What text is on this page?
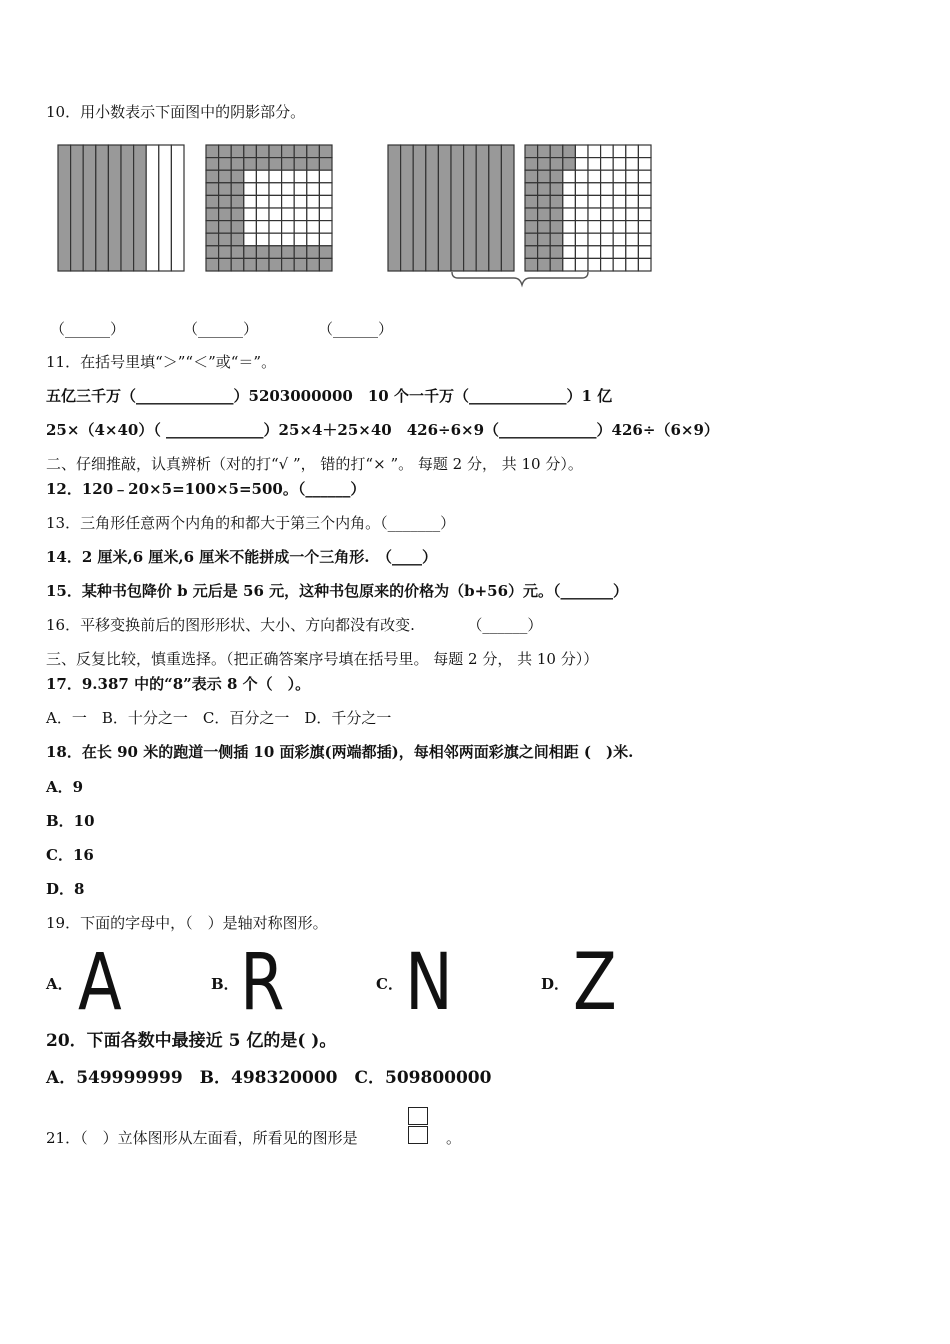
10．用小数表示下面图中的阴影部分。
（______）	（______）	（______）
11．在括号里填“＞”“＜”或“＝”。
五亿三千万（_____________）5203000000　10 个一千万（_____________）1 亿
25×（4×40）（ _____________）25×4＋25×40　426÷6×9（_____________）426÷（6×9）
二、仔细推敲，认真辨析（对的打“√ ”， 错的打“× ”。 每题 2 分， 共 10 分）。
12．120﹣20×5=100×5=500。（______）
13．三角形任意两个内角的和都大于第三个内角。（_______）
14．2 厘米,6 厘米,6 厘米不能拼成一个三角形.　（____）
15．某种书包降价 b 元后是 56 元，这种书包原来的价格为（b+56）元。（_______）
16．平移变换前后的图形形状、大小、方向都没有改变.　　　　（______）
三、反复比较，慎重选择。（把正确答案序号填在括号里。 每题 2 分， 共 10 分））
17．9.387 中的“8”表示 8 个（　）。
A．一　B．十分之一　C．百分之一　D．千分之一
18．在长 90 米的跑道一侧插 10 面彩旗(两端都插)，每相邻两面彩旗之间相距 (　)米.
A．9
B．10
C．16
D．8
19．下面的字母中，（　）是轴对称图形。
A． A	B． R	C． N	D． Z
20．下面各数中最接近 5 亿的是( )。
A．549999999　B．498320000　C．509800000
21．（　）立体图形从左面看，所看见的图形是	。
